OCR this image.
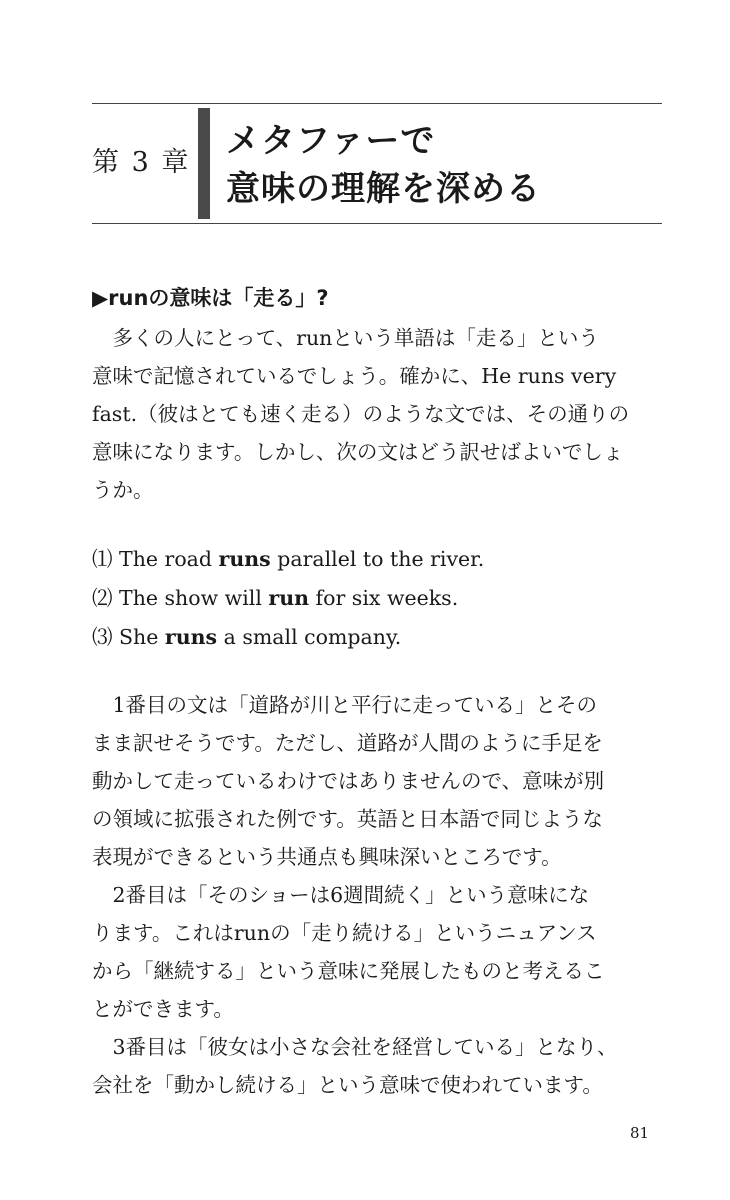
第 3 章
メタファーで
意味の理解を深める
▶runの意味は「走る」?
　多くの人にとって、runという単語は「走る」という
意味で記憶されているでしょう。確かに、He runs very
fast.（彼はとても速く走る）のような文では、その通りの
意味になります。しかし、次の文はどう訳せばよいでしょ
うか。
⑴ The road runs parallel to the river.
⑵ The show will run for six weeks.
⑶ She runs a small company.
　1番目の文は「道路が川と平行に走っている」とその
まま訳せそうです。ただし、道路が人間のように手足を
動かして走っているわけではありませんので、意味が別
の領域に拡張された例です。英語と日本語で同じような
表現ができるという共通点も興味深いところです。
　2番目は「そのショーは6週間続く」という意味にな
ります。これはrunの「走り続ける」というニュアンス
から「継続する」という意味に発展したものと考えるこ
とができます。
　3番目は「彼女は小さな会社を経営している」となり、
会社を「動かし続ける」という意味で使われています。
81
